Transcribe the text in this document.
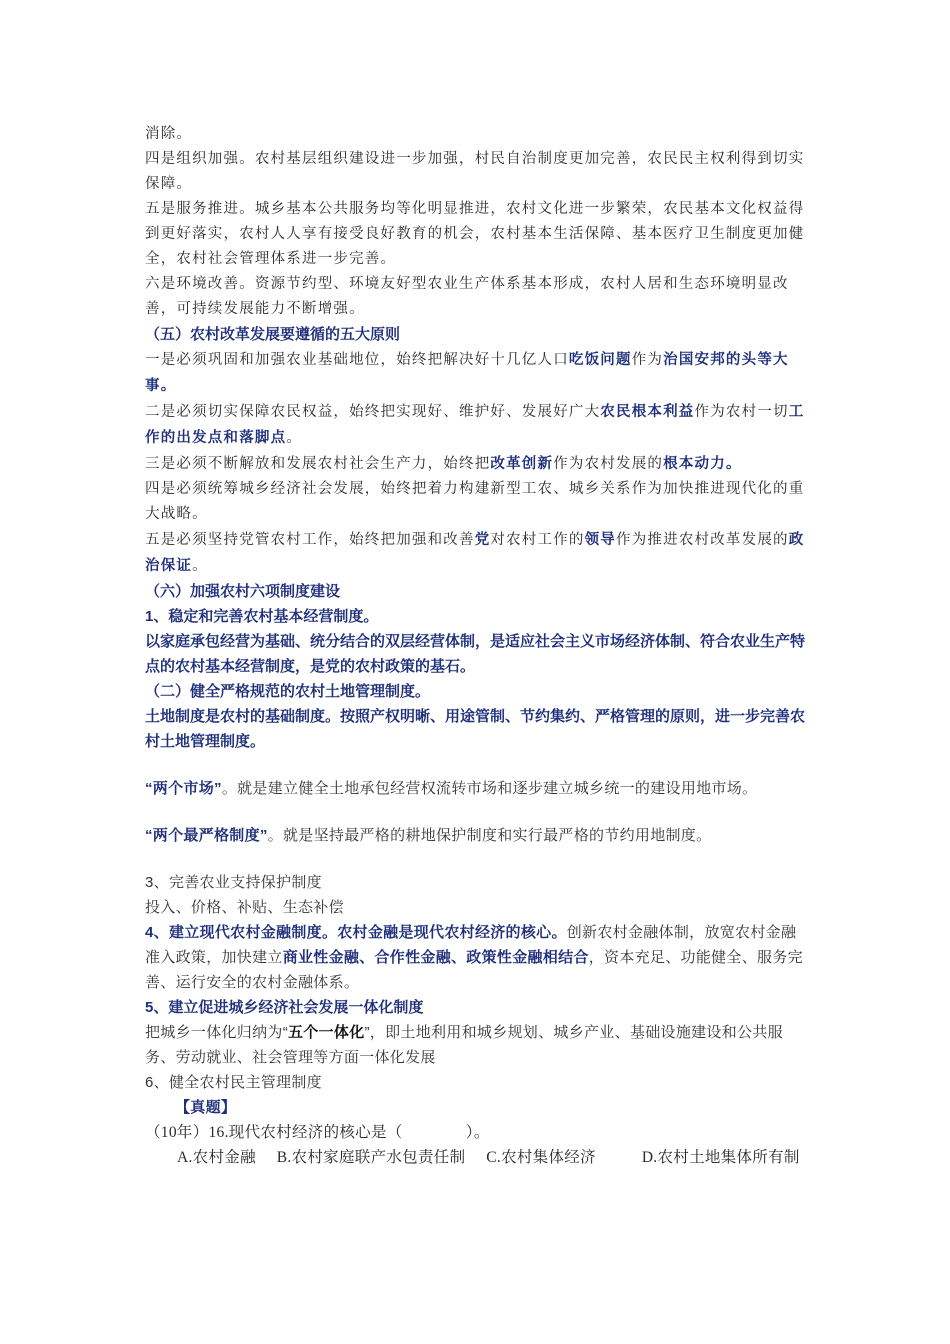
消除。

四是组织加强。农村基层组织建设进一步加强，村民自治制度更加完善，农民民主权利得到切实保障。

五是服务推进。城乡基本公共服务均等化明显推进，农村文化进一步繁荣，农民基本文化权益得到更好落实，农村人人享有接受良好教育的机会，农村基本生活保障、基本医疗卫生制度更加健全，农村社会管理体系进一步完善。

六是环境改善。资源节约型、环境友好型农业生产体系基本形成，农村人居和生态环境明显改善，可持续发展能力不断增强。

（五）农村改革发展要遵循的五大原则

一是必须巩固和加强农业基础地位，始终把解决好十几亿人口吃饭问题作为治国安邦的头等大事。

二是必须切实保障农民权益，始终把实现好、维护好、发展好广大农民根本利益作为农村一切工作的出发点和落脚点。

三是必须不断解放和发展农村社会生产力，始终把改革创新作为农村发展的根本动力。

四是必须统筹城乡经济社会发展，始终把着力构建新型工农、城乡关系作为加快推进现代化的重大战略。

五是必须坚持党管农村工作，始终把加强和改善党对农村工作的领导作为推进农村改革发展的政治保证。

（六）加强农村六项制度建设

1、稳定和完善农村基本经营制度。

以家庭承包经营为基础、统分结合的双层经营体制，是适应社会主义市场经济体制、符合农业生产特点的农村基本经营制度，是党的农村政策的基石。

（二）健全严格规范的农村土地管理制度。

土地制度是农村的基础制度。按照产权明晰、用途管制、节约集约、严格管理的原则，进一步完善农村土地管理制度。

“两个市场”。就是建立健全土地承包经营权流转市场和逐步建立城乡统一的建设用地市场。

“两个最严格制度”。就是坚持最严格的耕地保护制度和实行最严格的节约用地制度。

3、完善农业支持保护制度

投入、价格、补贴、生态补偿

4、建立现代农村金融制度。农村金融是现代农村经济的核心。创新农村金融体制，放宽农村金融准入政策，加快建立商业性金融、合作性金融、政策性金融相结合，资本充足、功能健全、服务完善、运行安全的农村金融体系。

5、建立促进城乡经济社会发展一体化制度

把城乡一体化归纳为“五个一体化”，即土地利用和城乡规划、城乡产业、基础设施建设和公共服务、劳动就业、社会管理等方面一体化发展

6、健全农村民主管理制度

【真题】

（10年）16.现代农村经济的核心是（　　　　）。

A.农村金融 B.农村家庭联产水包责任制 C.农村集体经济	D.农村土地集体所有制
